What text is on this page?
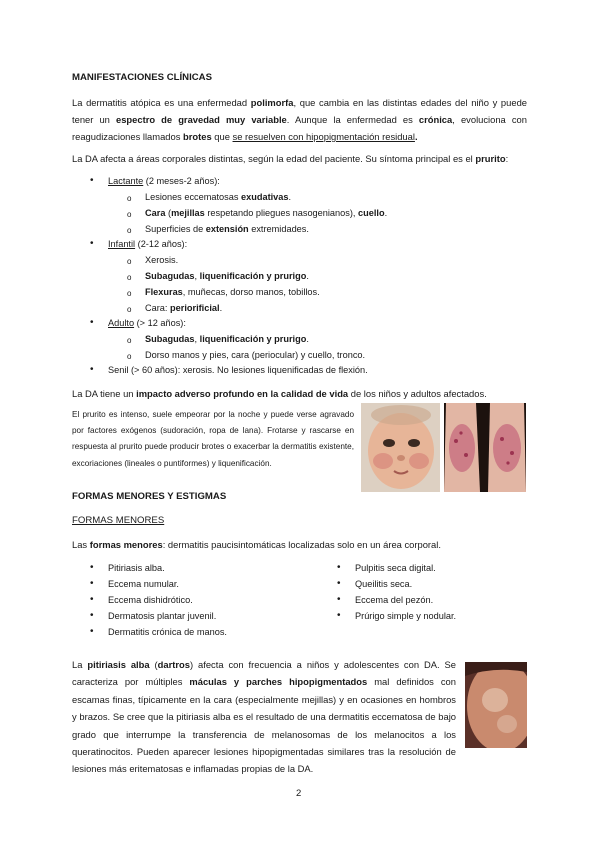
MANIFESTACIONES CLÍNICAS
La dermatitis atópica es una enfermedad polimorfa, que cambia en las distintas edades del niño y puede tener un espectro de gravedad muy variable. Aunque la enfermedad es crónica, evoluciona con reagudizaciones llamados brotes que se resuelven con hipopigmentación residual.
La DA afecta a áreas corporales distintas, según la edad del paciente. Su síntoma principal es el prurito:
• Lactante (2 meses-2 años):
o Lesiones eccematosas exudativas.
o Cara (mejillas respetando pliegues nasogenianos), cuello.
o Superficies de extensión extremidades.
• Infantil (2-12 años):
o Xerosis.
o Subagudas, liquenificación y prurigo.
o Flexuras, muñecas, dorso manos, tobillos.
o Cara: periorificial.
• Adulto (> 12 años):
o Subagudas, liquenificación y prurigo.
o Dorso manos y pies, cara (periocular) y cuello, tronco.
• Senil (> 60 años): xerosis. No lesiones liquenificadas de flexión.
La DA tiene un impacto adverso profundo en la calidad de vida de los niños y adultos afectados.
El prurito es intenso, suele empeorar por la noche y puede verse agravado por factores exógenos (sudoración, ropa de lana). Frotarse y rascarse en respuesta al prurito puede producir brotes o exacerbar la dermatitis existente, excoriaciones (lineales o puntiformes) y liquenificación.
FORMAS MENORES Y ESTIGMAS
FORMAS MENORES
Las formas menores: dermatitis paucisintomáticas localizadas solo en un área corporal.
• Pitiriasis alba.
• Eccema numular.
• Eccema dishidrótico.
• Dermatosis plantar juvenil.
• Dermatitis crónica de manos.
• Pulpitis seca digital.
• Queilitis seca.
• Eccema del pezón.
• Prúrigo simple y nodular.
La pitiriasis alba (dartros) afecta con frecuencia a niños y adolescentes con DA. Se caracteriza por múltiples máculas y parches hipopigmentados mal definidos con escamas finas, típicamente en la cara (especialmente mejillas) y en ocasiones en hombros y brazos. Se cree que la pitiriasis alba es el resultado de una dermatitis eccematosa de bajo grado que interrumpe la transferencia de melanosomas de los melanocitos a los queratinocitos. Pueden aparecer lesiones hipopigmentadas similares tras la resolución de lesiones más eritematosas e inflamadas propias de la DA.
2
